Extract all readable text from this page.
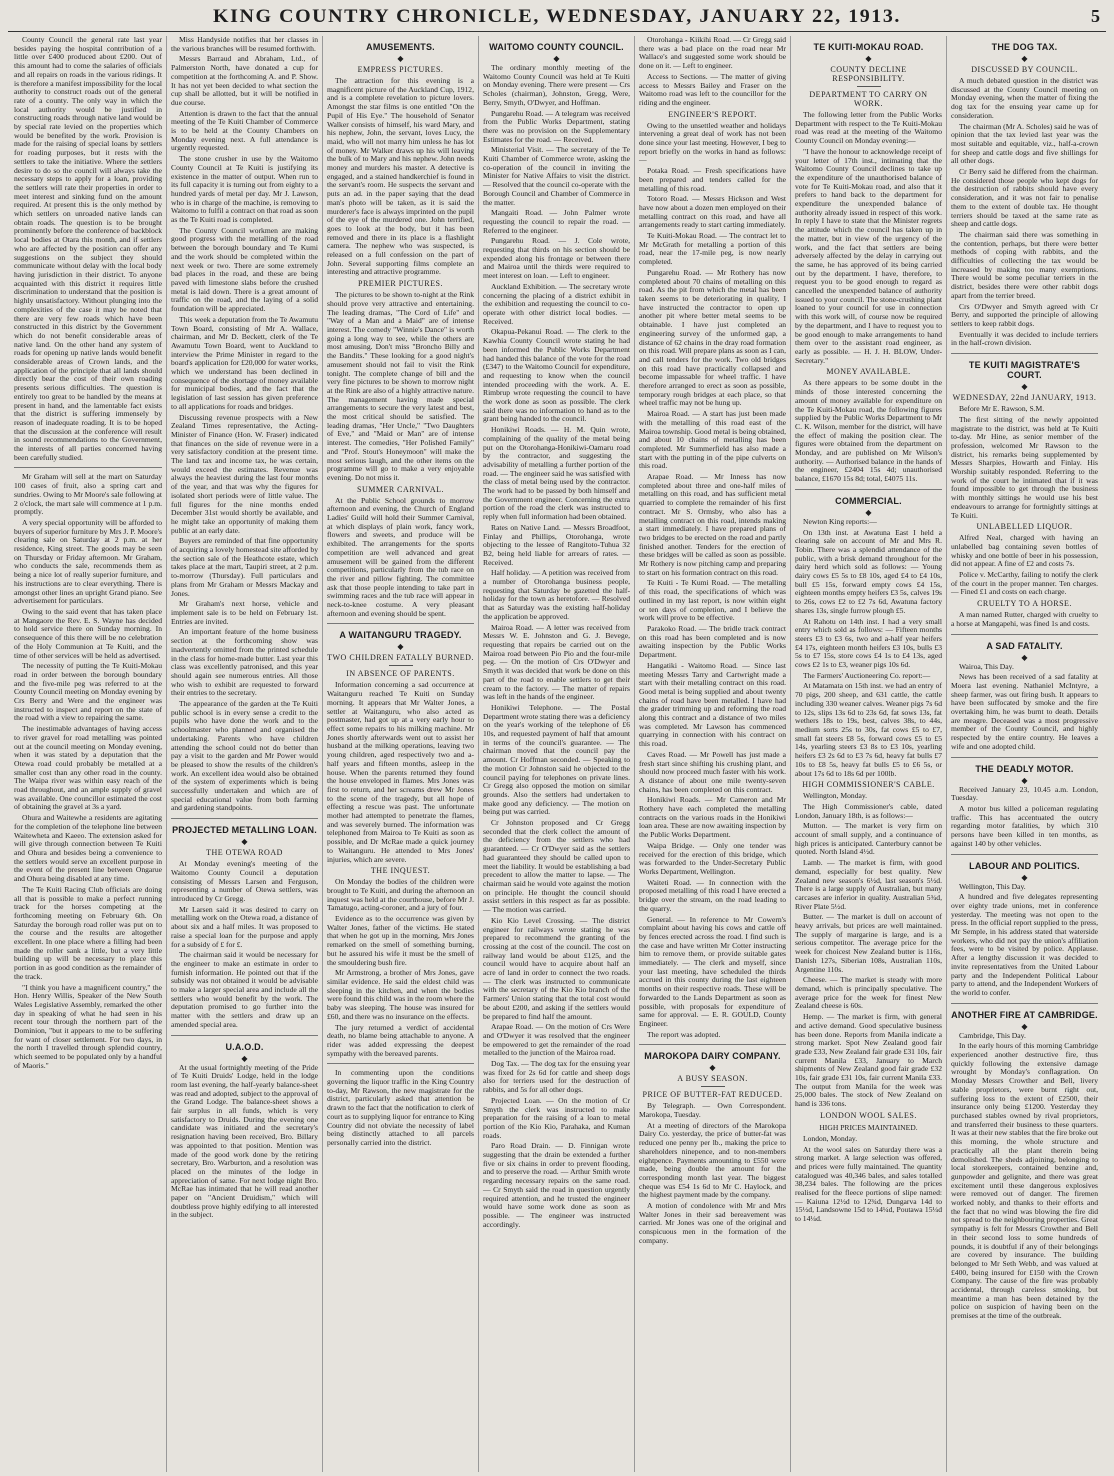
KING COUNTRY CHRONICLE, WEDNESDAY, JANUARY 22, 1913.	5

County Council the general rate last year besides paying the hospital contribution of a little over £400 produced about £200. Out of this amount had to come the salaries of officials and all repairs on roads in the various ridings. It is therefore a manifest impossibility for the local authority to construct roads out of the general rate of a county. The only way in which the local authority would be justified in constructing roads through native land would be by special rate levied on the properties which would be benefited by the work. Provision is made for the raising of special loans by settlers for roading purposes, but it rests with the settlers to take the initiative. Where the settlers desire to do so the council will always take the necessary steps to apply for a loan, providing the settlers will rate their properties in order to meet interest and sinking fund on the amount required. At present this is the only method by which settlers on unroaded native lands can obtain roads. The question is to be brought prominently before the conference of backblock local bodies at Otara this month, and if settlers who are affected by the position can offer any suggestions on the subject they should communicate without delay with the local body having jurisdiction in their district. To anyone acquainted with this district it requires little discrimination to understand that the position is highly unsatisfactory. Without plunging into the complexities of the case it may be noted that there are very few roads which have been constructed in this district by the Government which do not benefit considerable areas of native land. On the other hand any system of roads for opening up native lands would benefit considerable areas of Crown lands, and the application of the principle that all lands should directly bear the cost of their own roading presents serious difficulties. The question is entirely too great to be handled by the means at present in hand, and the lamentable fact exists that the district is suffering immensely by reason of inadequate roading. It is to be hoped that the discussion at the conference will result in sound recommendations to the Government, the interests of all parties concerned having been carefully studied.

Mr Graham will sell at the mart on Saturday 100 cases of fruit, also a spring cart and sundries. Owing to Mr Moore's sale following at 2 o'clock, the mart sale will commence at 1 p.m. promptly.

A very special opportunity will be afforded to buyers of superior furniture by Mrs J. P. Moore's clearing sale on Saturday at 2 p.m. at her residence, King street. The goods may be seen on Thursday or Friday afternoon. Mr Graham, who conducts the sale, recommends them as being a nice lot of really superior furniture, and his instructions are to clear everything. There is amongst other lines an upright Grand piano. See advertisement for particulars.

Owing to the said event that has taken place at Mangaore the Rev. E. S. Wayne has decided to hold service there on Sunday morning. In consequence of this there will be no celebration of the Holy Communion at Te Kuiti, and the time of other services will be held as advertised.

The necessity of putting the Te Kuiti-Mokau road in order between the borough boundary and the five-mile peg was referred to at the County Council meeting on Monday evening by Crs Berry and Were and the engineer was instructed to inspect and report on the state of the road with a view to repairing the same.

The inestimable advantages of having access to river gravel for road metalling was pointed out at the council meeting on Monday evening, when it was stated by a deputation that the Otewa road could probably be metalled at a smaller cost than any other road in the county. The Waipa river was within easy reach of the road throughout, and an ample supply of gravel was available. One councillor estimated the cost of obtaining the gravel at 3s a yard.

Ohura and Waitewhe a residents are agitating for the completion of the telephone line between Waitewheta and Kaeeo. The extension asked for will give through connection between Te Kuiti and Ohura and besides being a convenience to the settlers would serve an excellent purpose in the event of the present line between Ongarue and Ohura being disabled at any time.

The Te Kuiti Racing Club officials are doing all that is possible to make a perfect running track for the horses competing at the forthcoming meeting on February 6th. On Saturday the borough road roller was put on to the course and the results are altogether excellent. In one place where a filling had been made the roller sank a little, but a very little building up will be necessary to place this portion in as good condition as the remainder of the track.

"I think you have a magnificent country," the Hon. Henry Willis, Speaker of the New South Wales Legislative Assembly, remarked the other day in speaking of what he had seen in his recent tour through the northern part of the Dominion, "but it appears to me to be suffering for want of closer settlement. For two days, in the north I travelled through splendid country, which seemed to be populated only by a handful of Maoris."

Miss Handyside notifies that her classes in the various branches will be resumed forthwith.

Messrs Barraud and Abraham, Ltd., of Palmerston North, have donated a cup for competition at the forthcoming A. and P. Show. It has not yet been decided to what section the cup shall be allotted, but it will be notified in due course.

Attention is drawn to the fact that the annual meeting of the Te Kuiti Chamber of Commerce is to be held at the County Chambers on Monday evening next. A full attendance is urgently requested.

The stone crusher in use by the Waitomo County Council at Te Kuiti is justifying its existence in the matter of output. When run to its full capacity it is turning out from eighty to a hundred yards of metal per day. Mr J. Lawson, who is in charge of the machine, is removing to Waitomo to fulfil a contract on that road as soon as the Te Kuiti road is completed.

The County Council workmen are making good progress with the metalling of the road between the borough boundary and Te Kumi and the work should be completed within the next week or two. There are some extremely bad places in the road, and these are being paved with limestone slabs before the crushed metal is laid down. There is a great amount of traffic on the road, and the laying of a solid foundation will be appreciated.

This week a deputation from the Te Awamutu Town Board, consisting of Mr A. Wallace, chairman, and Mr D. Beckett, clerk of the Te Awamutu Town Board, went to Auckland to interview the Prime Minister in regard to the board's application for £20,000 for water works, which we understand has been declined in consequence of the shortage of money available for municipal bodies, and the fact that the legislation of last session has given preference to all applications for roads and bridges.

Discussing revenue prospects with a New Zealand Times representative, the Acting-Minister of Finance (Hon. W. Fraser) indicated that finances on the side of revenue were in a very satisfactory condition at the present time. The land tax and income tax, he was certain, would exceed the estimates. Revenue was always the heaviest during the last four months of the year, and that was why the figures for isolated short periods were of little value. The full figures for the nine months ended December 31st would shortly be available, and he might take an opportunity of making them public at an early date.

Buyers are reminded of that fine opportunity of acquiring a lovely homestead site afforded by the section sale of the Heathcote estate, which takes place at the mart, Taupiri street, at 2 p.m. to-morrow (Thursday). Full particulars and plans from Mr Graham or Messrs Mackay and Jones.

Mr Graham's next horse, vehicle and implement sale is to be held on February 1st. Entries are invited.

An important feature of the home business section at the forthcoming show was inadvertently omitted from the printed schedule in the class for home-made butter. Last year this class was excellently patronised, and this year should again see numerous entries. All those who wish to exhibit are requested to forward their entries to the secretary.

The appearance of the garden at the Te Kuiti public school is in every sense a credit to the pupils who have done the work and to the schoolmaster who planned and organised the undertaking. Parents who have children attending the school could not do better than pay a visit to the garden and Mr Power would be pleased to show the results of the children's work. An excellent idea would also be obtained of the system of experiments which is being successfully undertaken and which are of special educational value from both farming and gardening standpoints.

PROJECTED METALLING LOAN.
◆
THE OTEWA ROAD

At Monday evening's meeting of the Waitomo County Council a deputation consisting of Messrs Larsen and Ferguson, representing a number of Otewa settlers, was introduced by Cr Gregg.

Mr Larsen said it was desired to carry on metalling work on the Otewa road, a distance of about six and a half miles. It was proposed to raise a special loan for the purpose and apply for a subsidy of £ for £.

The chairman said it would be necessary for the engineer to make an estimate in order to furnish information. He pointed out that if the subsidy was not obtained it would be advisable to make a larger special area and include all the settlers who would benefit by the work. The deputation promised to go further into the matter with the settlers and draw up an amended special area.

U.A.O.D.
◆

At the usual fortnightly meeting of the Pride of Te Kuiti Druids' Lodge, held in the lodge room last evening, the half-yearly balance-sheet was read and adopted, subject to the approval of the Grand Lodge. The balance-sheet shows a fair surplus in all funds, which is very satisfactory to Druids. During the evening one candidate was initiated and the secretary's resignation having been received, Bro. Billary was appointed to that position. Mention was made of the good work done by the retiring secretary, Bro. Warburton, and a resolution was placed on the minutes of the lodge in appreciation of same. For next lodge night Bro. McRae has intimated that he will read another paper on "Ancient Druidism," which will doubtless prove highly edifying to all interested in the subject.

AMUSEMENTS.
◆
EMPRESS PICTURES.

The attraction for this evening is a magnificent picture of the Auckland Cup, 1912, and is a complete revelation to picture lovers. Amongst the star films is one entitled "On the Pupil of His Eye." The household of Senator Walker consists of himself, his ward Mary, and his nephew, John, the servant, loves Lucy, the maid, who will not marry him unless he has lot of money. Mr Walker draws up his will leaving the bulk of to Mary and his nephew. John needs money and murders his master. A detective is engaged, and a stained handkerchief is found in the servant's room. He suspects the servant and puts an ad. in the paper saying that the dead man's photo will be taken, as it is said the murderer's face is always imprinted on the pupil of the eye of the murdered one. John terrified, goes to look at the body, but it has been removed and there in its place is a flashlight camera. The nephew who was suspected, is released on a full confession on the part of John. Several supporting films complete an interesting and attractive programme.

PREMIER PICTURES.

The pictures to be shown to-night at the Rink should prove very attractive and entertaining. The leading dramas, "The Cord of Life" and "Way of a Man and a Maid" are of intense interest. The comedy "Winnie's Dance" is worth going a long way to see, while the others are most amusing. Don't miss "Broncho Billy and the Bandits." These looking for a good night's amusement should not fail to visit the Rink tonight. The complete change of bill and the very fine pictures to be shown to morrow night at the Rink are also of a highly attractive nature. The management having made special arrangements to secure the very latest and best, the most critical should be satisfied. The leading dramas, "Her Uncle," "Two Daughters of Eve," and "Maid or Man" are of intense interest. The comedies, "Her Polished Family" and "Prof. Stout's Honeymoon" will make the most serious laugh, and the other items on the programme will go to make a very enjoyable evening. Do not miss it.

SUMMER CARNIVAL.

At the Public School grounds to morrow afternoon and evening, the Church of England Ladies' Guild will hold their Summer Carnival, at which displays of plain work, fancy work, flowers and sweets, and produce will be exhibited. The arrangements for the sports competition are well advanced and great amusement will be gained from the different competitions, particularly from the tub race on the river and pillow fighting. The committee ask that those people intending to take part in swimming races and the tub race will appear in neck-to-knee costume. A very pleasant afternoon and evening should be spent.

A WAITANGURU TRAGEDY.
◆
TWO CHILDREN FATALLY BURNED.
IN ABSENCE OF PARENTS.

Information concerning a sad occurrence at Waitanguru reached Te Kuiti on Sunday morning. It appears that Mr Walter Jones, a settler at Waitanguru, who also acted as postmaster, had got up at a very early hour to effect some repairs to his milking machine. Mr Jones shortly afterwards went out to assist her husband at the milking operations, leaving two young children, aged respectively two and a-half years and fifteen months, asleep in the house. When the parents returned they found the house enveloped in flames. Mrs Jones was first to return, and her screams drew Mr Jones to the scene of the tragedy, but all hope of effecting a rescue was past. The unfortunate mother had attempted to penetrate the flames, and was severely burned. The information was telephoned from Mairoa to Te Kuiti as soon as possible, and Dr McRae made a quick journey to Waitanguru. He attended to Mrs Jones' injuries, which are severe.

THE INQUEST.

On Monday the bodies of the children were brought to Te Kuiti, and during the afternoon an inquest was held at the courthouse, before Mr J. Tamatugo, acting-coroner, and a jury of four.

Evidence as to the occurrence was given by Walter Jones, father of the victims. He stated that when he got up in the morning, Mrs Jones remarked on the smell of something burning, but he assured his wife it must be the smell of the smouldering bush fire.

Mr Armstrong, a brother of Mrs Jones, gave similar evidence. He said the eldest child was sleeping in the kitchen, and when the bodies were found this child was in the room where the baby was sleeping. The house was insured for £60, and there was no insurance on the effects.

The jury returned a verdict of accidental death, no blame being attachable to anyone. A rider was added expressing the deepest sympathy with the bereaved parents.

In commenting upon the conditions governing the liquor traffic in the King Country to-day, Mr Rawson, the new magistrate for the district, particularly asked that attention be drawn to the fact that the notification to clerk of court as to supplying liquor for entrance to King Country did not obviate the necessity of label being distinctly attached to all parcels personally carried into the district.

WAITOMO COUNTY COUNCIL.
◆

The ordinary monthly meeting of the Waitomo County Council was held at Te Kuiti on Monday evening. There were present — Crs Scholes (chairman), Johnston, Gregg, Were, Berry, Smyth, O'Dwyer, and Hoffman.

Pungarehu Road. — A telegram was received from the Public Works Department, stating there was no provision on the Supplementary Estimates for the road. — Received.

Ministerial Visit. — The secretary of the Te Kuiti Chamber of Commerce wrote, asking the co-operation of the council in inviting the Minister for Native Affairs to visit the district. — Resolved that the council co-operate with the Borough Council and Chamber of Commerce in the matter.

Mangaiti Road. — John Palmer wrote requesting the council to repair the road. — Referred to the engineer.

Pungarehu Road. — J. Cole wrote, requesting that thirds on his section should be expended along his frontage or between there and Mairoa until the thirds were required to meet interest on loan. — Left to engineer.

Auckland Exhibition. — The secretary wrote concerning the placing of a district exhibit in the exhibition and requesting the council to co-operate with other district local bodies. — Received.

Okapua-Pekanui Road. — The clerk to the Kawhia County Council wrote stating he had been informed the Public Works Department had handed this balance of the vote for the road (£347) to the Waitomo Council for expenditure, and requesting to know when the council intended proceeding with the work. A. E. Rimbrup wrote requesting the council to have the work done as soon as possible. The clerk said there was no information to hand as to the grant being handed to the council.

Honikiwi Roads. — H. M. Quin wrote, complaining of the quality of the metal being put on the Otorohanga-Honikiwi-Oamaru road by the contractor, and suggesting the advisability of metalling a further portion of the road. — The engineer said he was satisfied with the class of metal being used by the contractor. The work had to be passed by both himself and the Government engineer. Concerning the extra portion of the road the clerk was instructed to reply when full information had been obtained.

Rates on Native Land. — Messrs Broadfoot, Finlay and Phillips, Otorohanga, wrote objecting to the lessee of Rangitoto-Tuhua 32 B2, being held liable for arrears of rates. — Received.

Half holiday. — A petition was received from a number of Otorohanga business people, requesting that Saturday be gazetted the half-holiday for the town as heretofore. — Resolved that as Saturday was the existing half-holiday the application be approved.

Mairoa Road. — A letter was received from Messrs W. E. Johnston and G. J. Bevege, requesting that repairs be carried out on the Mairoa road between Pio Pio and the four-mile peg. — On the motion of Crs O'Dwyer and Smyth it was decided that work be done on this part of the road to enable settlers to get their cream to the factory. — The matter of repairs was left in the hands of the engineer.

Honikiwi Telephone. — The Postal Department wrote stating there was a deficiency on the year's working of the telephone of £6 10s, and requested payment of half that amount in terms of the council's guarantee. — The chairman moved that the council pay the amount. Cr Hoffman seconded. — Speaking to the motion Cr Johnston said he objected to the council paying for telephones on private lines. Cr Gregg also opposed the motion on similar grounds. Also the settlers had undertaken to make good any deficiency. — The motion on being put was carried.

Cr Johnston proposed and Cr Gregg seconded that the clerk collect the amount of the deficiency from the settlers who had guaranteed. — Cr O'Dwyer said as the settlers had guaranteed they should be called upon to meet the liability. It would be establishing a bad precedent to allow the matter to lapse. — The chairman said he would vote against the motion on principle. He thought the council should assist settlers in this respect as far as possible. — The motion was carried.

Kio Kio Level Crossing. — The district engineer for railways wrote stating he was prepared to recommend the granting of the crossing at the cost of the council. The cost on railway land would be about £125, and the council would have to acquire about half an acre of land in order to connect the two roads. — The clerk was instructed to communicate with the secretary of the Kio Kio branch of the Farmers' Union stating that the total cost would be about £200, and asking if the settlers would be prepared to find half the amount.

Arapae Road. — On the motion of Crs Were and O'Dwyer it was resolved that the engineer be empowered to get the remainder of the road metalled to the junction of the Mairoa road.

Dog Tax. — The dog tax for the ensuing year was fixed for 2s 6d for cattle and sheep dogs also for terriers used for the destruction of rabbits, and 5s for all other dogs.

Projected Loan. — On the motion of Cr Smyth the clerk was instructed to make preparation for the raising of a loan to metal portion of the Kio Kio, Parahaka, and Kuman roads.

Paro Road Drain. — D. Finnigan wrote suggesting that the drain be extended a further five or six chains in order to prevent flooding, and to preserve the road. — Arthur Smith wrote regarding necessary repairs on the same road. — Cr Smyth said the road in question urgently required attention, and he trusted the engineer would have some work done as soon as possible. — The engineer was instructed accordingly.

Otorohanga - Kiikihi Road. — Cr Gregg said there was a bad place on the road near Mr Wallace's and suggested some work should be done on it. — Left to engineer.

Access to Sections. — The matter of giving access to Messrs Bailey and Fraser on the Waitomo road was left to the councillor for the riding and the engineer.

ENGINEER'S REPORT.

Owing to the unsettled weather and holidays intervening a great deal of work has not been done since your last meeting. However, I beg to report briefly on the works in hand as follows:—

Potaka Road. — Fresh specifications have been prepared and tenders called for the metalling of this road.

Totoro Road. — Messrs Hickson and West have now about a dozen men employed on their metalling contract on this road, and have all arrangements ready to start carting immediately.

Te Kuiti-Mokau Road. — The contract let to Mr McGrath for metalling a portion of this road, near the 17-mile peg, is now nearly completed.

Pungarehu Road. — Mr Rothery has now completed about 70 chains of metalling on this road. As the pit from which the metal has been taken seems to be deteriorating in quality, I have instructed the contractor to open up another pit where better metal seems to be obtainable. I have just completed an engineering survey of the unformed gap, a distance of 62 chains in the dray road formation on this road. Will prepare plans as soon as I can, and call tenders for the work. Two old bridges on this road have practically collapsed and become impassable for wheel traffic. I have therefore arranged to erect as soon as possible, temporary rough bridges at each place, so that wheel traffic may not be hung up.

Mairoa Road. — A start has just been made with the metalling of this road east of the Mairoa township. Good metal is being obtained, and about 10 chains of metalling has been completed. Mr Summerfield has also made a start with the putting in of the pipe culverts on this road.

Arapae Road. — Mr Inness has now completed about three and one-half miles of metalling on this road, and has sufficient metal quarried to complete the remainder of his first contract. Mr S. Ormsby, who also has a metalling contract on this road, intends making a start immediately. I have prepared plans of two bridges to be erected on the road and partly finished another. Tenders for the erection of these bridges will be called as soon as possible. Mr Rothery is now pitching camp and preparing to start on his formation contract on this road.

Te Kuiti - Te Kumi Road. — The metalling of this road, the specifications of which was outlined in my last report, is now within eight or ten days of completion, and I believe the work will prove to be effective.

Parakoko Road. — The bridle track contract on this road has been completed and is now awaiting inspection by the Public Works Department.

Hangatiki - Waitomo Road. — Since last meeting Messrs Tarry and Cartwright made a start with their metalling contract on this road. Good metal is being supplied and about twenty chains of road have been metalled. I have had the grader trimming up and reforming the road along this contract and a distance of two miles was completed. Mr Lawson has commenced quarrying in connection with his contract on this road.

Caves Road. — Mr Powell has just made a fresh start since shifting his crushing plant, and should now proceed much faster with his work. A distance of about one mile twenty-seven chains, has been completed on this contract.

Honikiwi Roads. — Mr Cameron and Mr Rothery have each completed the metalling contracts on the various roads in the Honikiwi loan area. These are now awaiting inspection by the Public Works Department.

Waipa Bridge. — Only one tender was received for the erection of this bridge, which was forwarded to the Under-Secretary Public Works Department, Wellington.

Waiteti Road. — In connection with the proposed metalling of this road I have erected a bridge over the stream, on the road leading to the quarry.

General. — In reference to Mr Cowern's complaint about having his cows and cattle off by fences erected across the road. I find such is the case and have written Mr Cotter instructing him to remove them, or provide suitable gates immediately. — The clerk and myself, since your last meeting, have scheduled the thirds accrued in this county during the last eighteen months on their respective roads. These will be forwarded to the Lands Department as soon as possible, with proposals for expenditure of same for approval. — E. R. GOULD, County Engineer.

The report was adopted.

MAROKOPA DAIRY COMPANY.
◆
A BUSY SEASON.
PRICE OF BUTTER-FAT REDUCED.

By Telegraph. — Own Correspondent. Marokopa, Tuesday.

At a meeting of directors of the Marokopa Dairy Co. yesterday, the price of butter-fat was reduced one penny per lb., making the price to shareholders ninepence, and to non-members eightpence. Payments amounting to £550 were made, being double the amount for the corresponding month last year. The biggest cheque was £54 1s 6d to Mr C. Haylock, and the highest payment made by the company.

A motion of condolence with Mr and Mrs Walter Jones in their sad bereavement was carried. Mr Jones was one of the original and conspicuous men in the formation of the company.

TE KUITI-MOKAU ROAD.
◆
COUNTY DECLINE RESPONSIBILITY.
DEPARTMENT TO CARRY ON WORK.

The following letter from the Public Works Department with respect to the Te Kuiti-Mokau road was read at the meeting of the Waitomo County Council on Monday evening:—

"I have the honour to acknowledge receipt of your letter of 17th inst., intimating that the Waitomo County Council declines to take up the expenditure of the unauthorised balance of vote for Te Kuiti-Mokau road, and also that it prefers to hand back to the department for expenditure the unexpended balance of authority already issued in respect of this work. In reply I have to state that the Minister regrets the attitude which the council has taken up in the matter, but in view of the urgency of the work, and the fact that settlers are being adversely affected by the delay in carrying out the same, he has approved of its being carried out by the department. I have, therefore, to request you to be good enough to regard as cancelled the unexpended balance of authority issued to your council. The stone-crushing plant loaned to your council for use in connection with this work will, of course now be required by the department, and I have to request you to be good enough to make arrangements to hand them over to the assistant road engineer, as early as possible. — H. J. H. BLOW, Under-Secretary."

MONEY AVAILABLE.

As there appears to be some doubt in the minds of those interested concerning the amount of money available for expenditure on the Te Kuiti-Mokau road, the following figures supplied by the Public Works Department to Mr C. K. Wilson, member for the district, will have the effect of making the position clear. The figures were obtained from the department on Monday, and are published on Mr Wilson's authority. — Authorised balance in the hands of the engineer, £2404 15s 4d; unauthorised balance, £1670 15s 8d; total, £4075 11s.

COMMERCIAL.
◆

Newton King reports:—

On 13th inst. at Awatuna East I held a clearing sale on account of Mr and Mrs R. Tobin. There was a splendid attendance of the public, with a brisk demand throughout for the dairy herd which sold as follows: — Young dairy cows £5 5s to £8 10s, aged £4 to £4 10s, bull £5 15s, forward empty cows £4 15s, eighteen months empty heifers £3 5s, calves 19s to 26s, cows £2 to £2 7s 6d, Awatuna factory shares 13s, single furrow plough £5.

At Rahotu on 14th inst. I had a very small entry which sold as follows: — Fifteen months steers £3 to £3 6s, two and a-half year heifers £4 17s, eighteen month heifers £3 10s, bulls £3 5s to £7 15s, store cows £4 1s to £4 13s, aged cows £2 1s to £3, weaner pigs 10s 6d.

The Farmers' Auctioneering Co. report:—

At Matamata on 15th inst. we had an entry of 70 pigs, 200 sheep, and 631 cattle, the cattle including 330 weaner calves. Weaner pigs 7s 6d to 12s, slips 13s 6d to 23s 6d, fat sows 13s, fat wethers 18s to 19s, best, calves 38s, to 44s, medium sorts 25s to 30s, fat cows £5 to £7, small fat steers £8 5s, forward cows £5 to £5 14s, yearling steers £3 8s to £3 10s, yearling heifers £3 2s 6d to £3 7s 6d, heavy fat bulls £7 10s to £8 5s, heavy fat bulls £5 to £6 5s, or about 17s 6d to 18s 6d per 100lb.

HIGH COMMISSIONER'S CABLE.

Wellington, Monday.

The High Commissioner's cable, dated London, January 18th, is as follows:—

Mutton. — The market is very firm on account of small supply, and a continuance of high prices is anticipated. Canterbury cannot be quoted. North Island 4½d.

Lamb. — The market is firm, with good demand, especially for best quality. New Zealand new season's 6½d, last season's 5½d. There is a large supply of Australian, but many carcases are inferior in quality. Australian 5¾d, River Plate 5½d.

Butter. — The market is dull on account of heavy arrivals, but prices are well maintained. The supply of margarine is large, and is a serious competitor. The average price for the week for choicest New Zealand butter is 116s, Danish 127s, Siberian 108s, Australian 110s, Argentine 110s.

Cheese. — The market is steady with more demand, which is principally speculative. The average price for the week for finest New Zealand cheese is 60s.

Hemp. — The market is firm, with general and active demand. Good speculative business has been done. Reports from Manila indicate a strong market. Spot New Zealand good fair grade £33, New Zealand fair grade £31 10s, fair current Manila £33, January to March shipments of New Zealand good fair grade £32 10s, fair grade £31 10s, fair current Manila £33. The output from Manila for the week was 25,000 bales. The stock of New Zealand on hand is 336 tons.

LONDON WOOL SALES.
HIGH PRICES MAINTAINED.

London, Monday.

At the wool sales on Saturday there was a strong market. A large selection was offered, and prices were fully maintained. The quantity catalogued was 40,346 bales, and sales totalled 38,234 bales. The following are the prices realised for the fleece portions of slipe named: — Kaiuna 12½d to 12¾d, Dungarva 14d to 15½d, Landsowne 15d to 14¼d, Poutawa 15¼d to 14¼d.

THE DOG TAX.
◆
DISCUSSED BY COUNCIL.

A much debated question in the district was discussed at the County Council meeting on Monday evening, when the matter of fixing the dog tax for the ensuing year came up for consideration.

The chairman (Mr A. Scholes) said he was of opinion that the tax levied last year was the most suitable and equitable, viz., half-a-crown for sheep and cattle dogs and five shillings for all other dogs.

Cr Berry said he differed from the chairman. He considered those people who kept dogs for the destruction of rabbits should have every consideration, and it was not fair to penalise them to the extent of double tax. He thought terriers should be taxed at the same rate as sheep and cattle dogs.

The chairman said there was something in the contention, perhaps, but there were better methods of coping with rabbits, and the difficulties of collecting the tax would be increased by making too many exemptions. There would be some peculiar terriers in the district, besides there were other rabbit dogs apart from the terrier breed.

Crs O'Dwyer and Smyth agreed with Cr Berry, and supported the principle of allowing settlers to keep rabbit dogs.

Eventually it was decided to include terriers in the half-crown division.

TE KUITI MAGISTRATE'S COURT.
◆
WEDNESDAY, 22nd JANUARY, 1913.

Before Mr E. Rawson, S.M.

The first sitting of the newly appointed magistrate to the district, was held at Te Kuiti to-day. Mr Hine, as senior member of the profession, welcomed Mr Rawson to the district, his remarks being supplemented by Messrs Sharpies, Howarth and Finlay. His Worship suitably responded. Referring to the work of the court he intimated that if it was found impossible to get through the business with monthly sittings he would use his best endeavours to arrange for fortnightly sittings at Te Kuiti.

UNLABELLED LIQUOR.

Alfred Neal, charged with having an unlabelled bag containing seven bottles of whisky and one bottle of beer in his possession, did not appear. A fine of £2 and costs 7s.

Police v. McCarthy, failing to notify the clerk of the court in the proper manner. Ten charges. — Fined £1 and costs on each charge.

CRUELTY TO A HORSE.

A man named Rutter, charged with cruelty to a horse at Mangapehi, was fined 1s and costs.

A SAD FATALITY.
◆

Wairoa, This Day.

News has been received of a sad fatality at Moera last evening. Nathaniel McIntyre, a sheep farmer, was out firing bush. It appears to have been suffocated by smoke and the fire overtaking him, he was burnt to death. Details are meagre. Deceased was a most progressive member of the County Council, and highly respected by the entire country. He leaves a wife and one adopted child.

THE DEADLY MOTOR.
◆

Received January 23, 10.45 a.m. London, Tuesday.

A motor bus killed a policeman regulating traffic. This has accentuated the outcry regarding motor fatalities, by which 310 persons have been killed in ten months, as against 140 by other vehicles.

LABOUR AND POLITICS.
◆

Wellington, This Day.

A hundred and five delegates representing over eighty trade unions, met in conference yesterday. The meeting was not open to the press. In the official report supplied to the press, Mr Semple, in his address stated that waterside workers, who did not pay the union's affiliation fees, were to be visited by police. Applause. After a lengthy discussion it was decided to invite representatives from the United Labour party and the Independent Political Labour party to attend, and the Independent Workers of the world to confer.

ANOTHER FIRE AT CAMBRIDGE.
◆

Cambridge, This Day.

In the early hours of this morning Cambridge experienced another destructive fire, thus quickly following the extensive damage wrought by Monday's conflagration. On Monday Messrs Crowther and Bell, livery stable proprietors, were burnt right out, suffering loss to the extent of £2500, their insurance only being £1200. Yesterday they purchased stables owned by rival proprietors, and transferred their business to these quarters. It was at their new stables that the fire broke out this morning, the whole structure and practically all the plant therein being demolished. The sheds adjoining, belonging to local storekeepers, contained benzine and, gunpowder and gelignite, and there was great excitement until these dangerous explosives were removed out of danger. The firemen worked nobly, and thanks to their efforts and the fact that no wind was blowing the fire did not spread to the neighbouring properties. Great sympathy is felt for Messrs Crowther and Bell in their second loss to some hundreds of pounds, it is doubtful if any of their belongings are covered by insurance. The building belonged to Mr Seth Webb, and was valued at £400, being insured for £150 with the Crown Company. The cause of the fire was probably accidental, through careless smoking, but meantime a man has been detained by the police on suspicion of having been on the premises at the time of the outbreak.
